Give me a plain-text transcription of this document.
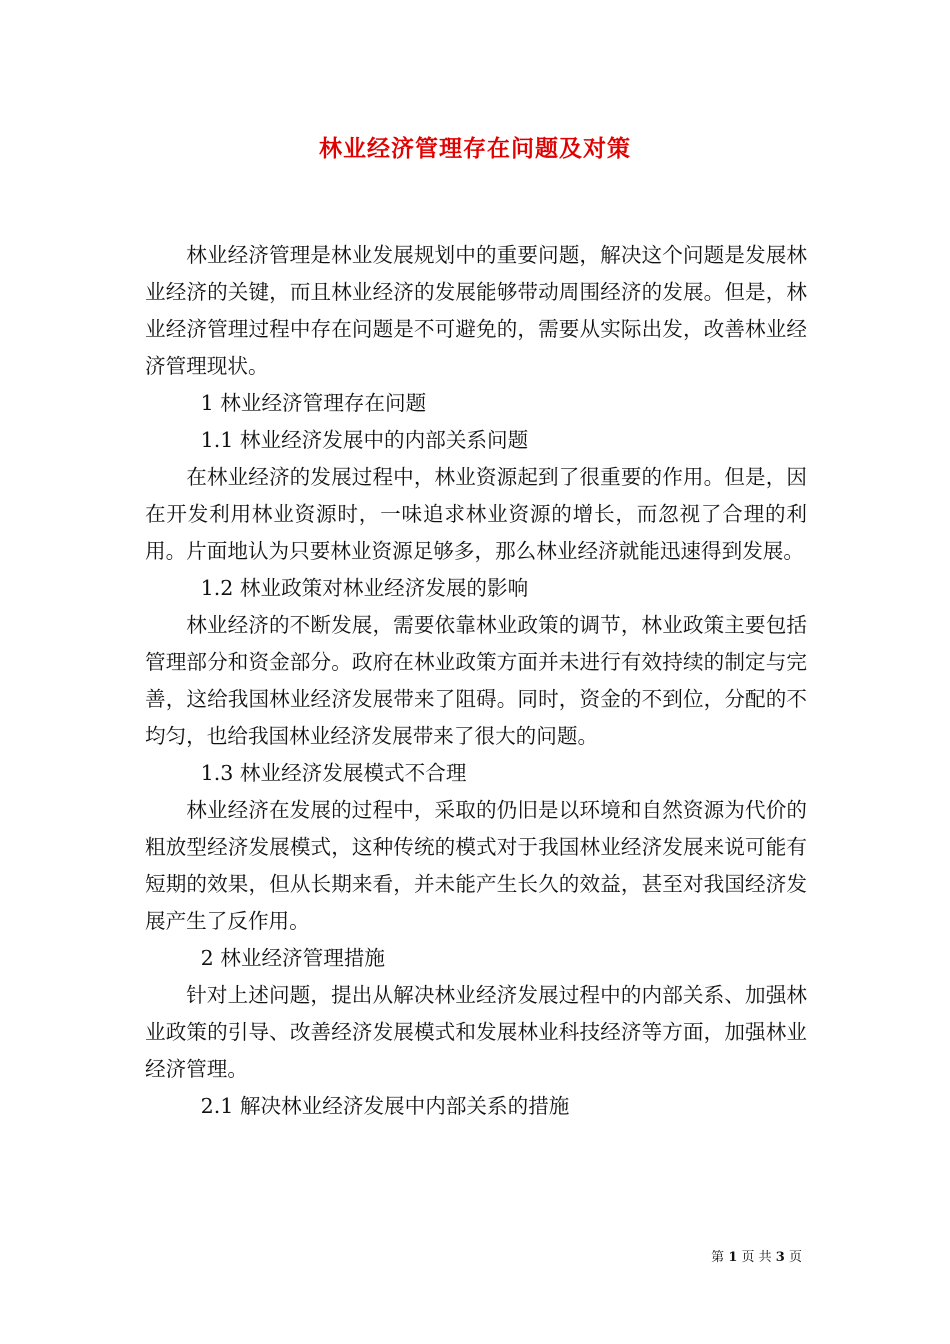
林业经济管理存在问题及对策

林业经济管理是林业发展规划中的重要问题，解决这个问题是发展林业经济的关键，而且林业经济的发展能够带动周围经济的发展。但是，林业经济管理过程中存在问题是不可避免的，需要从实际出发，改善林业经济管理现状。

1 林业经济管理存在问题

1.1 林业经济发展中的内部关系问题

在林业经济的发展过程中，林业资源起到了很重要的作用。但是，因在开发利用林业资源时，一味追求林业资源的增长，而忽视了合理的利用。片面地认为只要林业资源足够多，那么林业经济就能迅速得到发展。

1.2 林业政策对林业经济发展的影响

林业经济的不断发展，需要依靠林业政策的调节，林业政策主要包括管理部分和资金部分。政府在林业政策方面并未进行有效持续的制定与完善，这给我国林业经济发展带来了阻碍。同时，资金的不到位，分配的不均匀，也给我国林业经济发展带来了很大的问题。

1.3 林业经济发展模式不合理

林业经济在发展的过程中，采取的仍旧是以环境和自然资源为代价的粗放型经济发展模式，这种传统的模式对于我国林业经济发展来说可能有短期的效果，但从长期来看，并未能产生长久的效益，甚至对我国经济发展产生了反作用。

2 林业经济管理措施

针对上述问题，提出从解决林业经济发展过程中的内部关系、加强林业政策的引导、改善经济发展模式和发展林业科技经济等方面，加强林业经济管理。

2.1 解决林业经济发展中内部关系的措施

第 1 页 共 3 页
